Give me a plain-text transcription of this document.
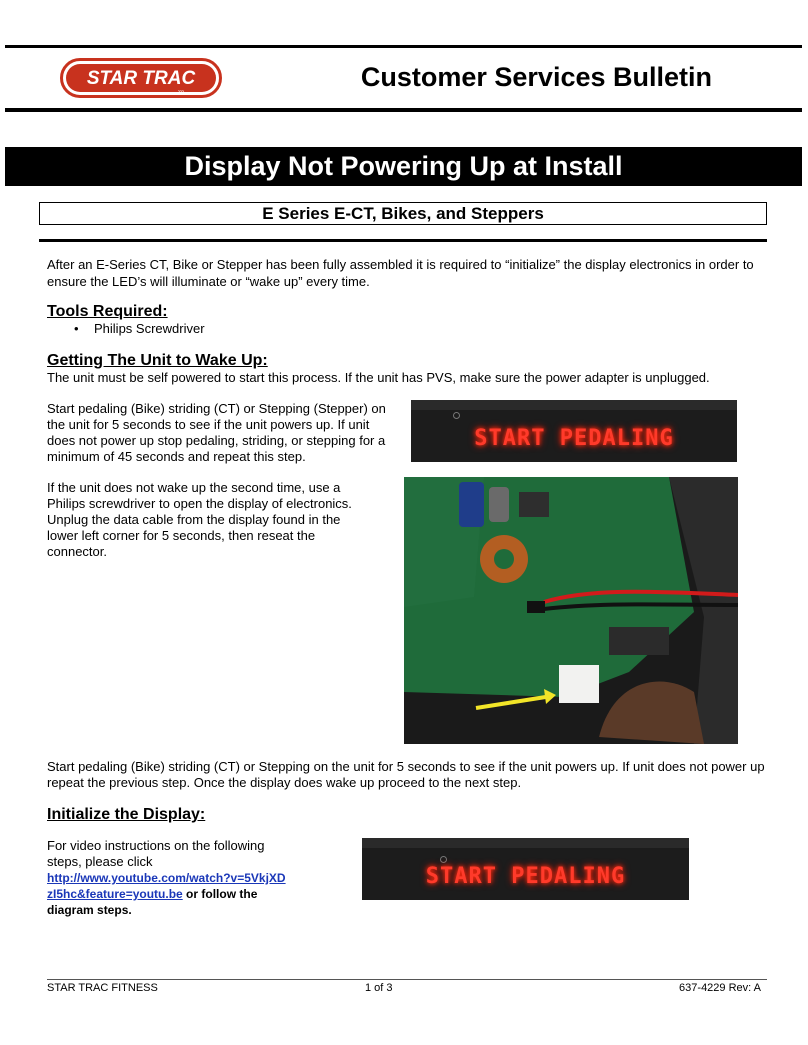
STAR TRAC
›››	Customer Services Bulletin
Display Not Powering Up at Install
E Series E-CT, Bikes, and Steppers
After an E-Series CT, Bike or Stepper has been fully assembled it is required to “initialize” the display electronics in order to ensure the LED’s will illuminate or “wake up” every time.
Tools Required:
• Philips Screwdriver
Getting The Unit to Wake Up:
The unit must be self powered to start this process. If the unit has PVS, make sure the power adapter is unplugged.
Start pedaling (Bike) striding (CT) or Stepping (Stepper) on the unit for 5 seconds to see if the unit powers up. If unit does not power up stop pedaling, striding, or stepping for a minimum of 45 seconds and repeat this step.
START PEDALING
If the unit does not wake up the second time, use a Philips screwdriver to open the display of electronics. Unplug the data cable from the display found in the lower left corner for 5 seconds, then reseat the connector.
Start pedaling (Bike) striding (CT) or Stepping on the unit for 5 seconds to see if the unit powers up. If unit does not power up repeat the previous step. Once the display does wake up proceed to the next step.
Initialize the Display:
For video instructions on the following steps, please click
http://www.youtube.com/watch?v=5VkjXD
zI5hc&feature=youtu.be or follow the
diagram steps.
START PEDALING
STAR TRAC FITNESS	1 of 3	637-4229 Rev: A
